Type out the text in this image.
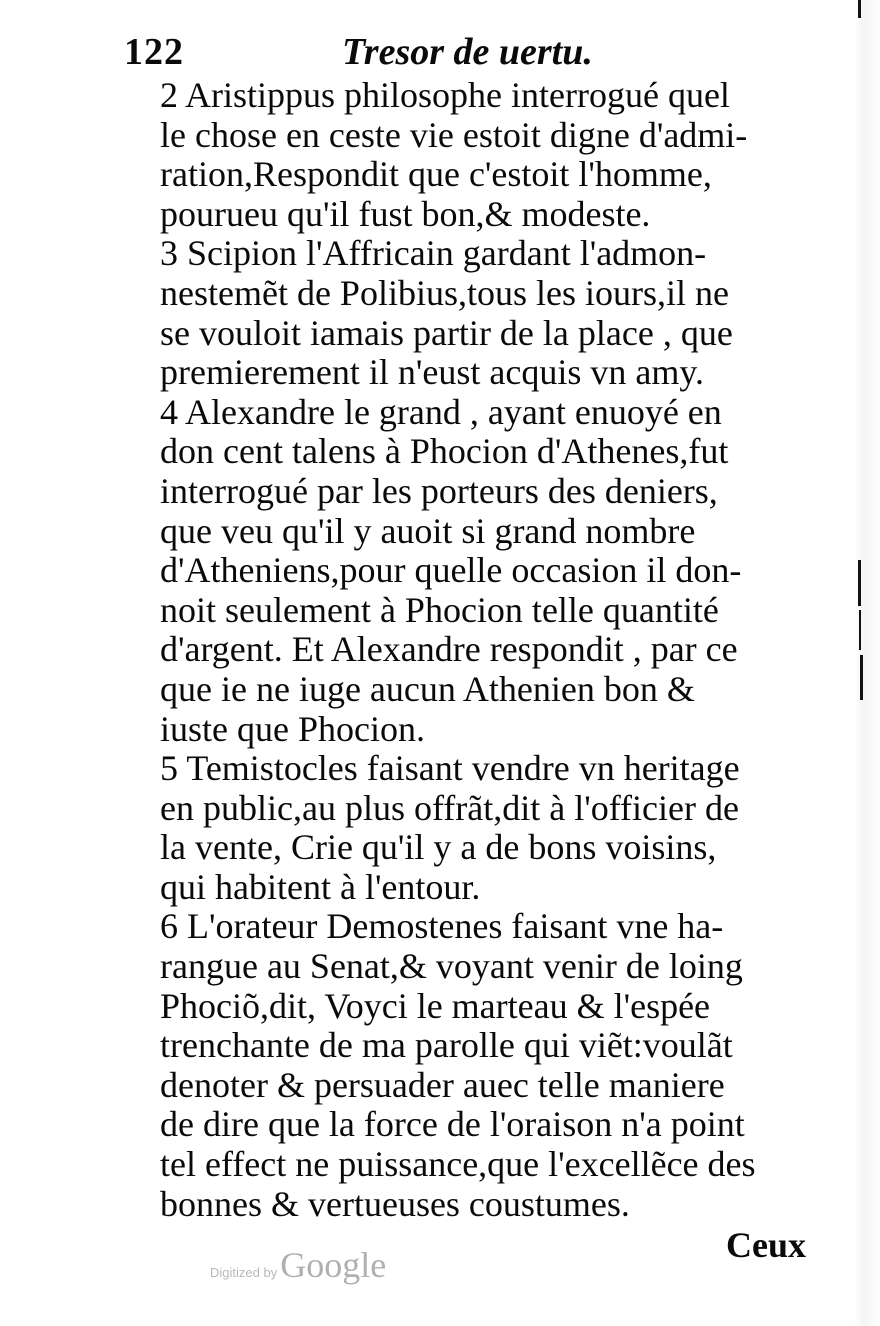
122	Tresor de uertu.
2 Aristippus philosophe interrogué quel
le chose en ceste vie estoit digne d'admi-
ration,Respondit que c'estoit l'homme,
pourueu qu'il fust bon,& modeste.
3 Scipion l'Affricain gardant l'admon-
nestemẽt de Polibius,tous les iours,il ne
se vouloit iamais partir de la place , que
premierement il n'eust acquis vn amy.
4 Alexandre le grand , ayant enuoyé en
don cent talens à Phocion d'Athenes,fut
interrogué par les porteurs des deniers,
que veu qu'il y auoit si grand nombre
d'Atheniens,pour quelle occasion il don-
noit seulement à Phocion telle quantité
d'argent. Et Alexandre respondit , par ce
que ie ne iuge aucun Athenien bon &
iuste que Phocion.
5 Temistocles faisant vendre vn heritage
en public,au plus offrãt,dit à l'officier de
la vente, Crie qu'il y a de bons voisins,
qui habitent à l'entour.
6 L'orateur Demostenes faisant vne ha-
rangue au Senat,& voyant venir de loing
Phociõ,dit, Voyci le marteau & l'espée
trenchante de ma parolle qui viẽt:voulãt
denoter & persuader auec telle maniere
de dire que la force de l'oraison n'a point
tel effect ne puissance,que l'excellẽce des
bonnes & vertueuses coustumes.
Ceux
Digitized by Google
